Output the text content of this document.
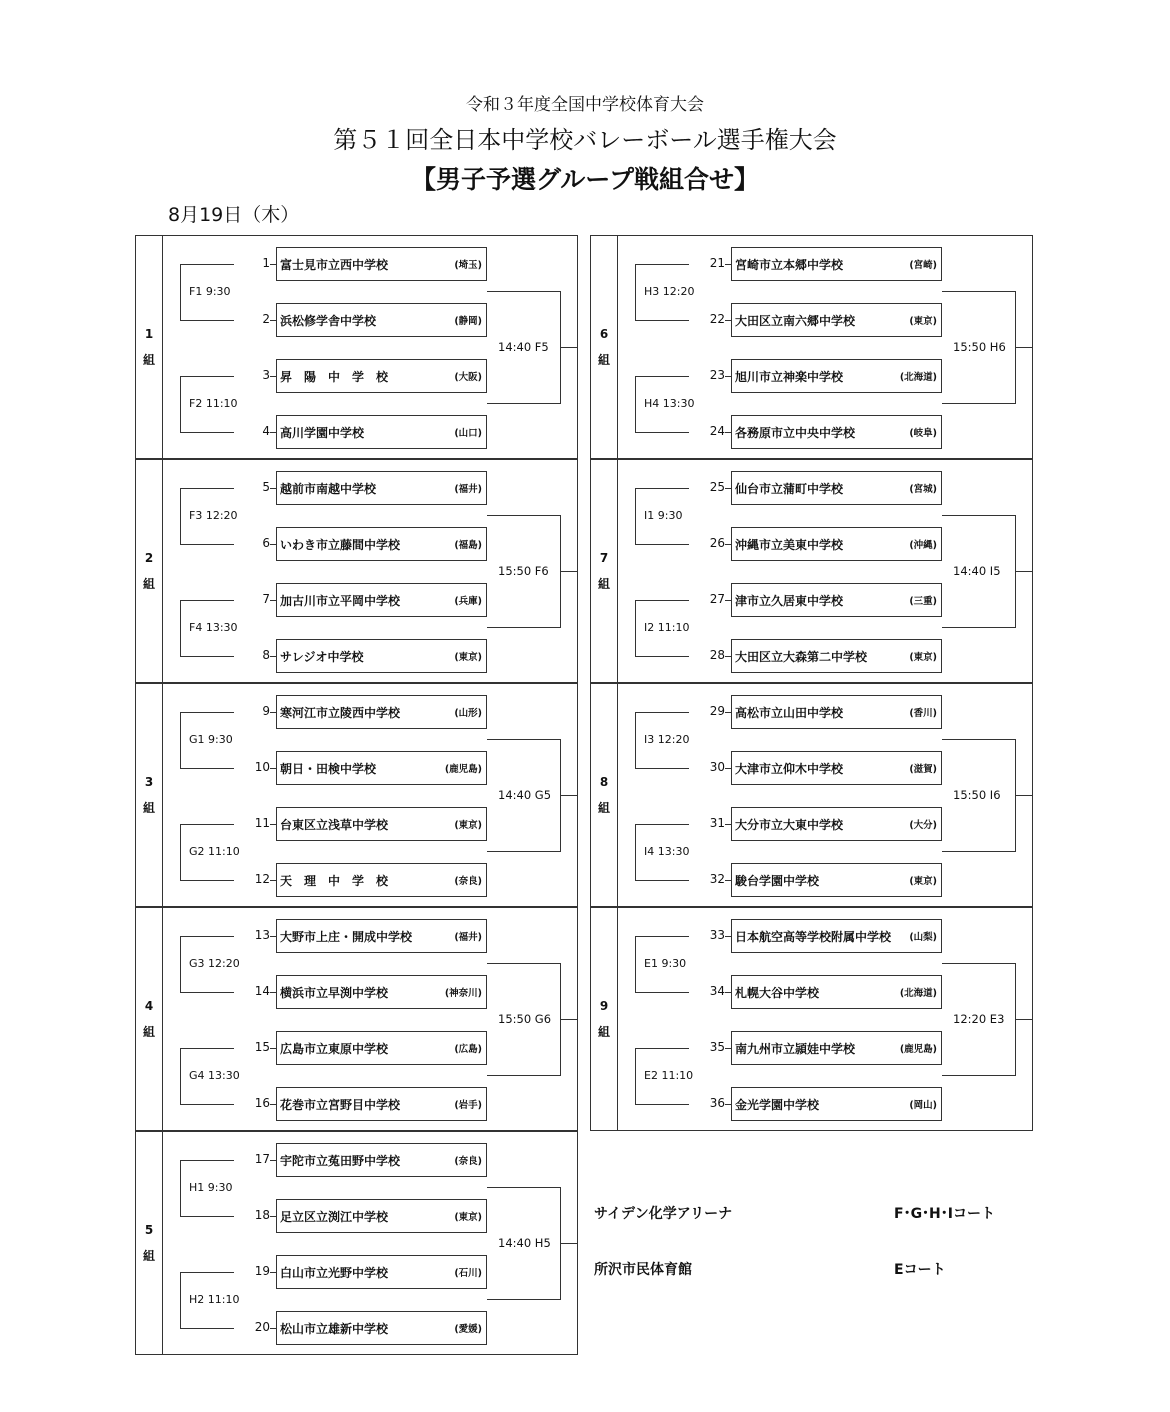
令和３年度全国中学校体育大会
第５１回全日本中学校バレーボール選手権大会
【男子予選グループ戦組合せ】
8月19日（木）
1
組
1 富士見市立西中学校	(埼玉)
2 浜松修学舎中学校	(静岡)
3 昇　陽　中　学　校	(大阪)
4 高川学園中学校	(山口)
F1 9:30
F2 11:10
14:40 F5
2
組
5 越前市南越中学校	(福井)
6 いわき市立藤間中学校	(福島)
7 加古川市立平岡中学校	(兵庫)
8 サレジオ中学校	(東京)
F3 12:20
F4 13:30
15:50 F6
3
組
9 寒河江市立陵西中学校	(山形)
10 朝日・田検中学校	(鹿児島)
11 台東区立浅草中学校	(東京)
12 天　理　中　学　校	(奈良)
G1 9:30
G2 11:10
14:40 G5
4
組
13 大野市上庄・開成中学校	(福井)
14 横浜市立早渕中学校	(神奈川)
15 広島市立東原中学校	(広島)
16 花巻市立宮野目中学校	(岩手)
G3 12:20
G4 13:30
15:50 G6
5
組
17 宇陀市立菟田野中学校	(奈良)
18 足立区立渕江中学校	(東京)
19 白山市立光野中学校	(石川)
20 松山市立雄新中学校	(愛媛)
H1 9:30
H2 11:10
14:40 H5
6
組
21 宮崎市立本郷中学校	(宮崎)
22 大田区立南六郷中学校	(東京)
23 旭川市立神楽中学校	(北海道)
24 各務原市立中央中学校	(岐阜)
H3 12:20
H4 13:30
15:50 H6
7
組
25 仙台市立蒲町中学校	(宮城)
26 沖縄市立美東中学校	(沖縄)
27 津市立久居東中学校	(三重)
28 大田区立大森第二中学校	(東京)
I1 9:30
I2 11:10
14:40 I5
8
組
29 高松市立山田中学校	(香川)
30 大津市立仰木中学校	(滋賀)
31 大分市立大東中学校	(大分)
32 駿台学園中学校	(東京)
I3 12:20
I4 13:30
15:50 I6
9
組
33 日本航空高等学校附属中学校 (山梨)
34 札幌大谷中学校	(北海道)
35 南九州市立頴娃中学校	(鹿児島)
36 金光学園中学校	(岡山)
E1 9:30
E2 11:10
12:20 E3
サイデン化学アリーナ	F･G･H･Iコート
所沢市民体育館	Eコート
